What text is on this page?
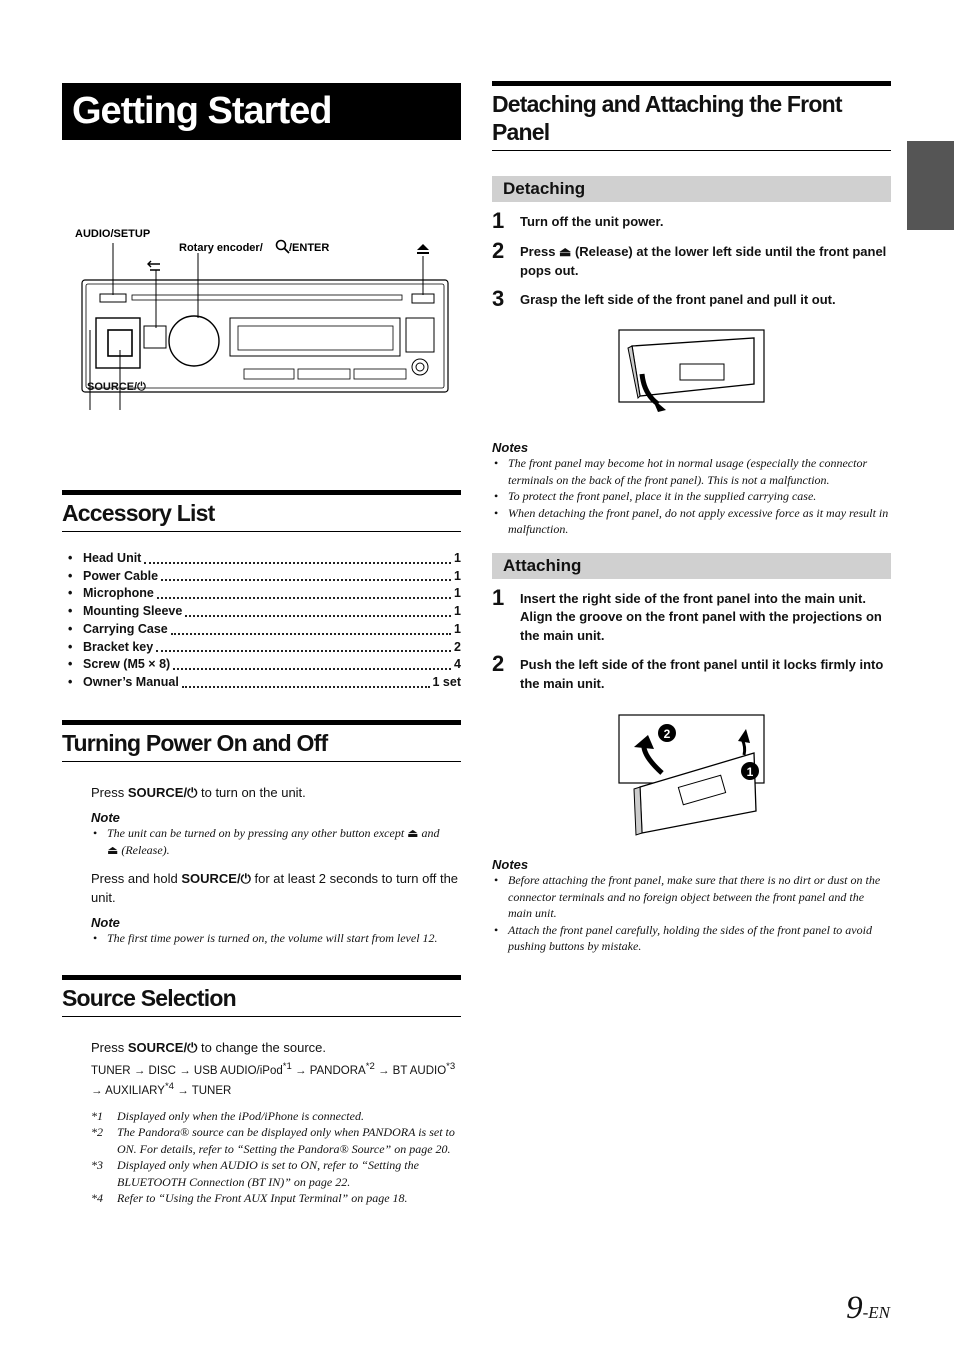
Getting Started
AUDIO/SETUP
Rotary encoder/ /ENTER
SOURCE/⏻
Accessory List
• Head Unit	1
• Power Cable	1
• Microphone	1
• Mounting Sleeve	1
• Carrying Case	1
• Bracket key	2
• Screw (M5 × 8)	4
• Owner’s Manual	1 set
Turning Power On and Off
Press SOURCE/⏻ to turn on the unit.
Note
• The unit can be turned on by pressing any other button except ⏏ and
⏏ (Release).
Press and hold SOURCE/⏻ for at least 2 seconds to turn off the unit.
Note
• The first time power is turned on, the volume will start from level 12.
Source Selection
Press SOURCE/⏻ to change the source.
TUNER → DISC → USB AUDIO/iPod$^{*1}$ → $PANDORA^{*2}$ → BT $AUDIO^{*3}$
→ $AUXILIARY^{*4}$ → TUNER
*1	Displayed only when the iPod/iPhone is connected.
*2	The Pandora® source can be displayed only when PANDORA is set to ON. For details, refer to “Setting the Pandora® Source” on page 20.
*3	Displayed only when AUDIO is set to ON, refer to “Setting the BLUETOOTH Connection (BT IN)” on page 22.
*4	Refer to “Using the Front AUX Input Terminal” on page 18.
Detaching and Attaching the Front Panel
Detaching
1	Turn off the unit power.
2	Press ⏏ (Release) at the lower left side until the front panel pops out.
3	Grasp the left side of the front panel and pull it out.
Notes
• The front panel may become hot in normal usage (especially the connector terminals on the back of the front panel). This is not a malfunction.
• To protect the front panel, place it in the supplied carrying case.
• When detaching the front panel, do not apply excessive force as it may result in malfunction.
Attaching
1	Insert the right side of the front panel into the main unit. Align the groove on the front panel with the projections on the main unit.
2	Push the left side of the front panel until it locks firmly into the main unit.
2
1
Notes
• Before attaching the front panel, make sure that there is no dirt or dust on the connector terminals and no foreign object between the front panel and the main unit.
• Attach the front panel carefully, holding the sides of the front panel to avoid pushing buttons by mistake.
9-EN
